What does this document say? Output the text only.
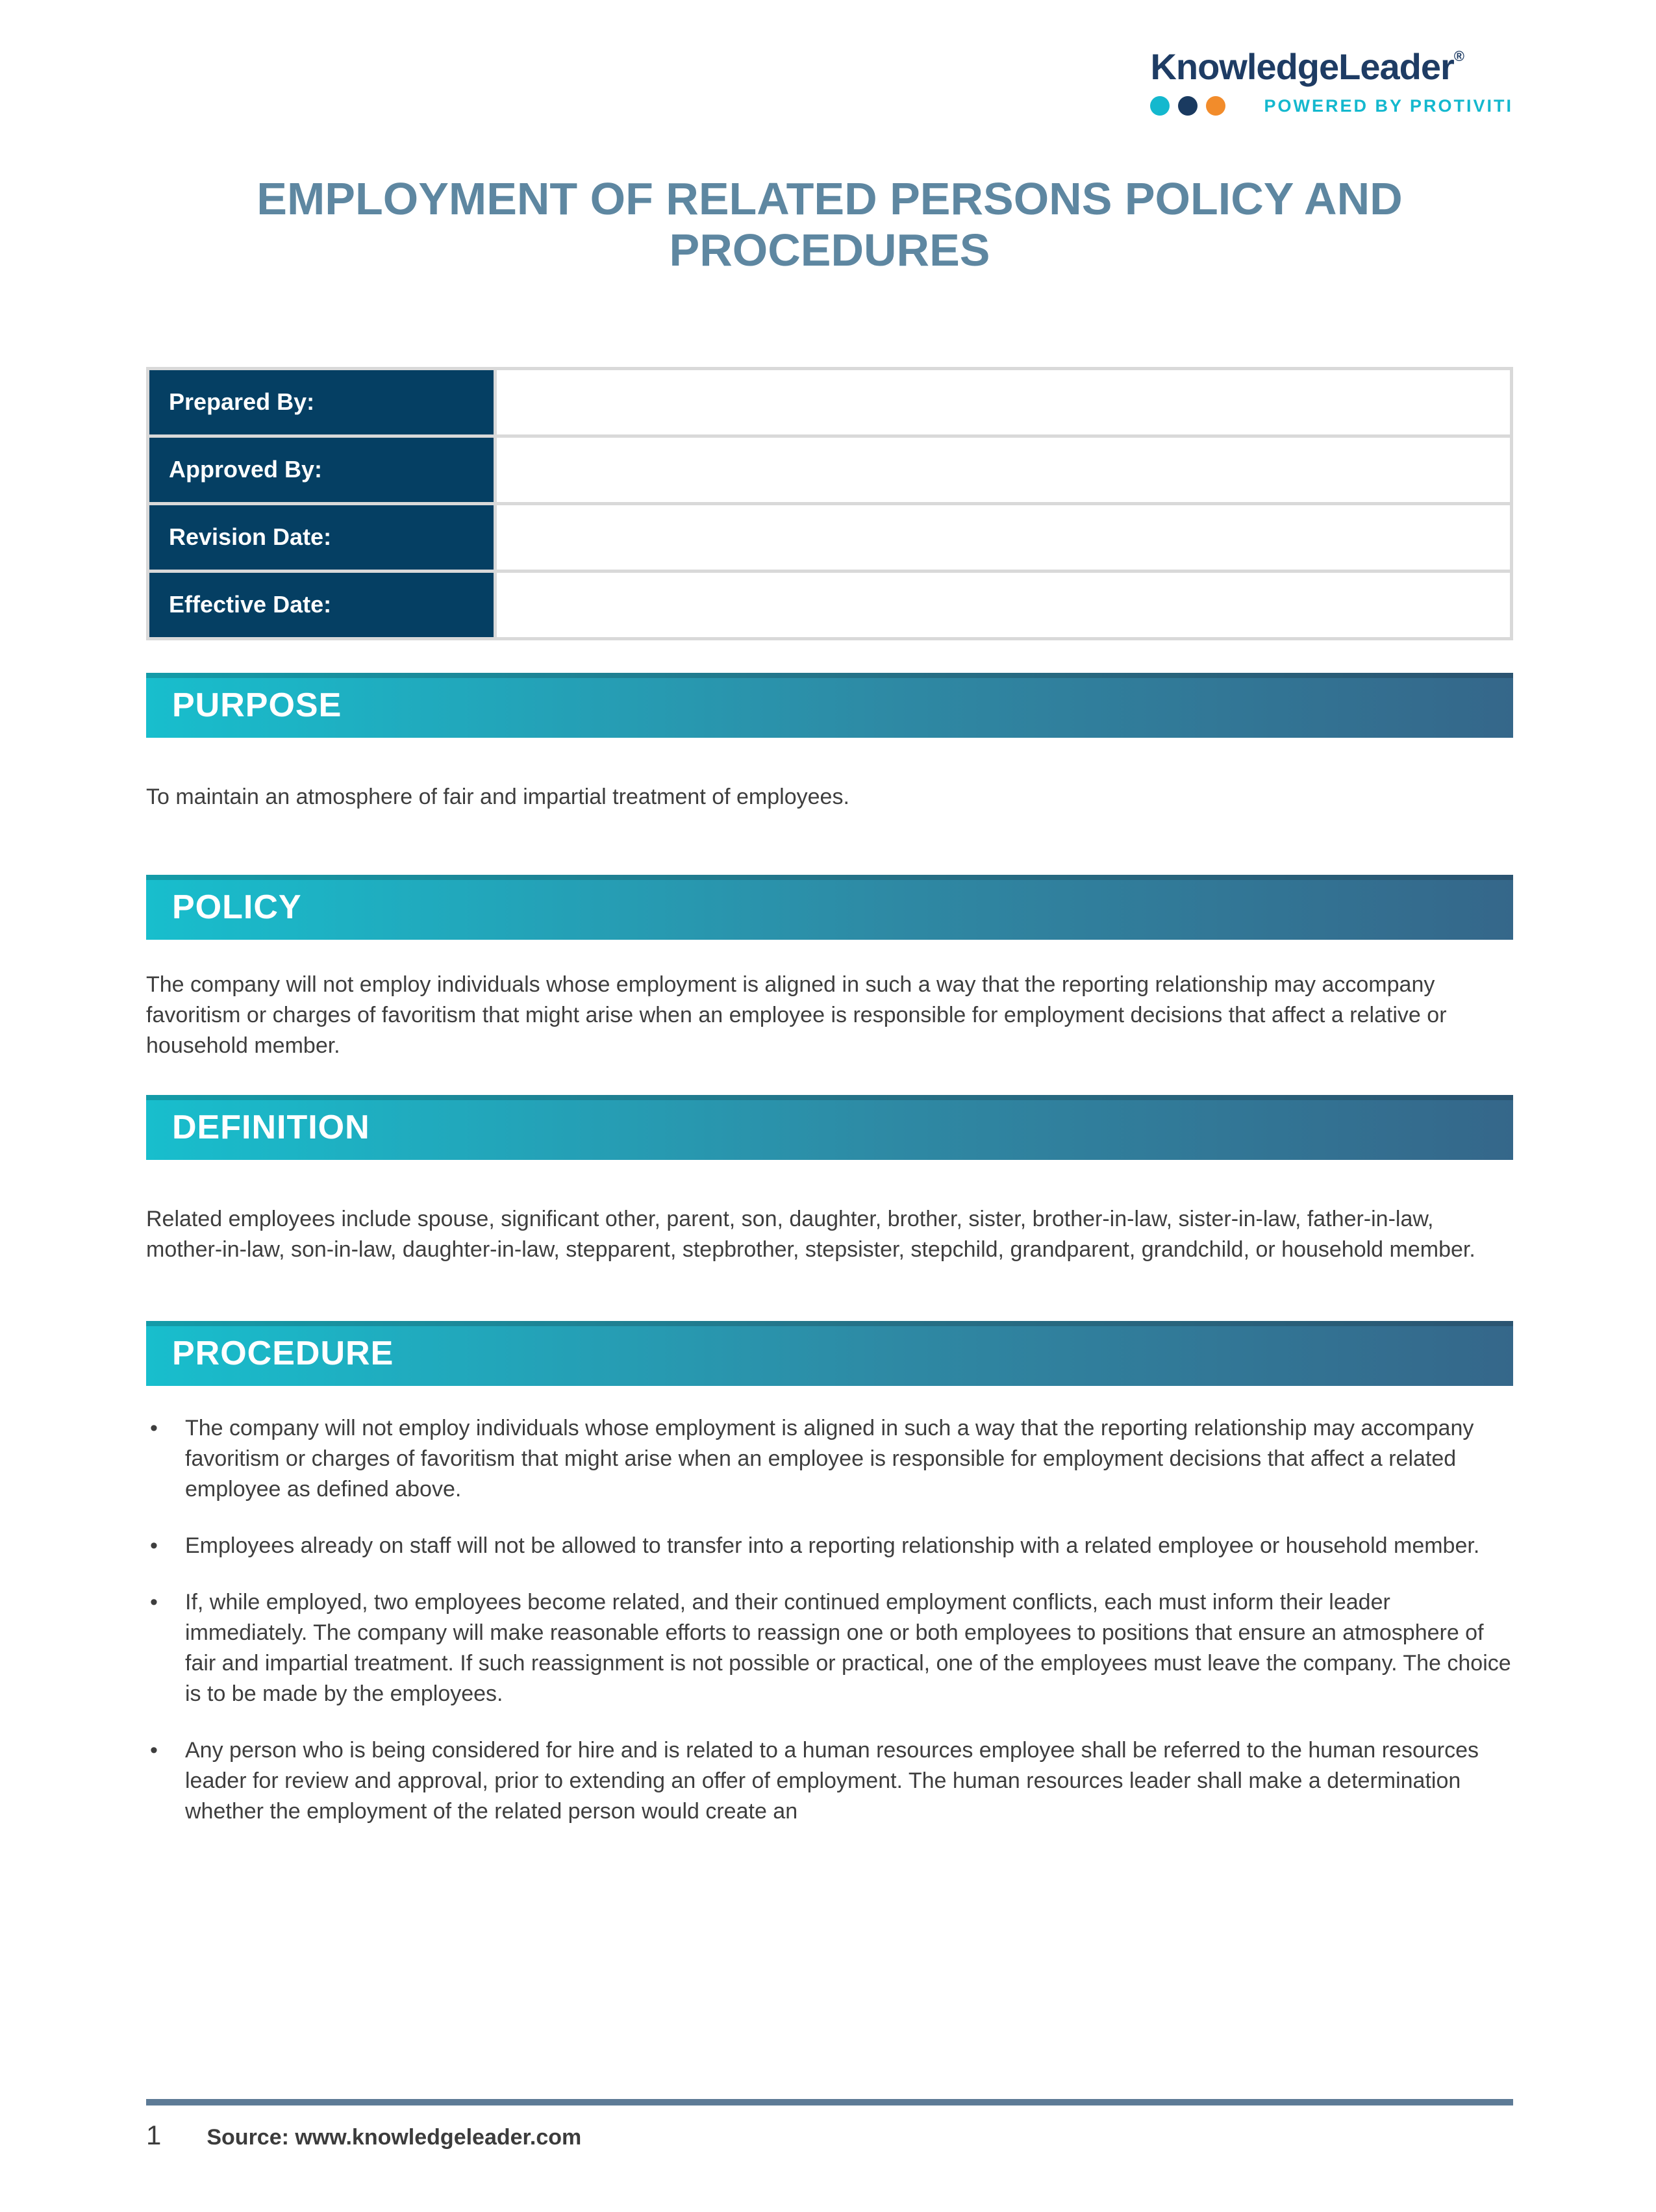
KnowledgeLeader®
POWERED BY PROTIVITI
EMPLOYMENT OF RELATED PERSONS POLICY AND PROCEDURES
Prepared By:	
Approved By:	
Revision Date:	
Effective Date:	
PURPOSE

To maintain an atmosphere of fair and impartial treatment of employees.

POLICY

The company will not employ individuals whose employment is aligned in such a way that the reporting relationship may accompany favoritism or charges of favoritism that might arise when an employee is responsible for employment decisions that affect a relative or household member.

DEFINITION

Related employees include spouse, significant other, parent, son, daughter, brother, sister, brother-in-law, sister-in-law, father-in-law, mother-in-law, son-in-law, daughter-in-law, stepparent, stepbrother, stepsister, stepchild, grandparent, grandchild, or household member.

PROCEDURE
• The company will not employ individuals whose employment is aligned in such a way that the reporting relationship may accompany favoritism or charges of favoritism that might arise when an employee is responsible for employment decisions that affect a related employee as defined above.
• Employees already on staff will not be allowed to transfer into a reporting relationship with a related employee or household member.
• If, while employed, two employees become related, and their continued employment conflicts, each must inform their leader immediately. The company will make reasonable efforts to reassign one or both employees to positions that ensure an atmosphere of fair and impartial treatment. If such reassignment is not possible or practical, one of the employees must leave the company. The choice is to be made by the employees.
• Any person who is being considered for hire and is related to a human resources employee shall be referred to the human resources leader for review and approval, prior to extending an offer of employment. The human resources leader shall make a determination whether the employment of the related person would create an
1 Source: www.knowledgeleader.com
